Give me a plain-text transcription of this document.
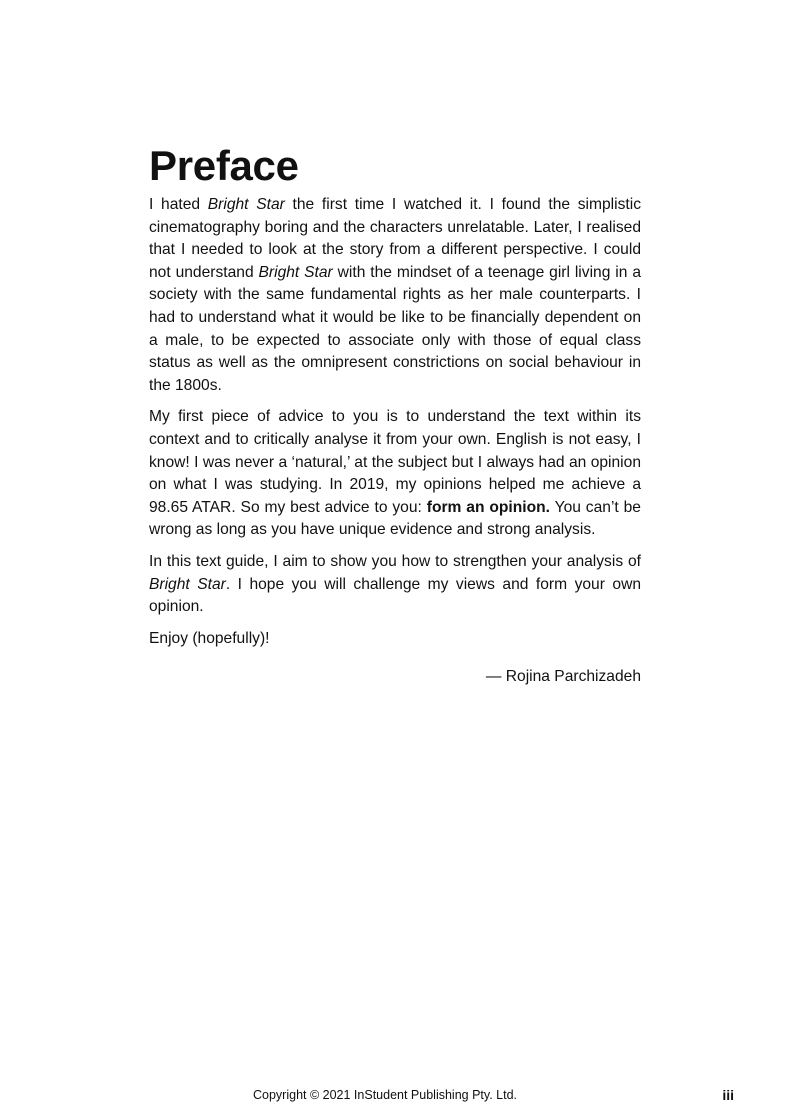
Preface

I hated Bright Star the first time I watched it. I found the simplistic cinematography boring and the characters unrelatable. Later, I realised that I needed to look at the story from a different perspective. I could not understand Bright Star with the mindset of a teenage girl living in a society with the same fundamental rights as her male counterparts. I had to understand what it would be like to be financially dependent on a male, to be expected to associate only with those of equal class status as well as the omnipresent constrictions on social behaviour in the 1800s.

My first piece of advice to you is to understand the text within its context and to critically analyse it from your own. English is not easy, I know! I was never a ‘natural,’ at the subject but I always had an opinion on what I was studying. In 2019, my opinions helped me achieve a 98.65 ATAR. So my best advice to you: form an opinion. You can’t be wrong as long as you have unique evidence and strong analysis.

In this text guide, I aim to show you how to strengthen your analysis of Bright Star. I hope you will challenge my views and form your own opinion.

Enjoy (hopefully)!

— Rojina Parchizadeh
Copyright © 2021 InStudent Publishing Pty. Ltd.	iii
